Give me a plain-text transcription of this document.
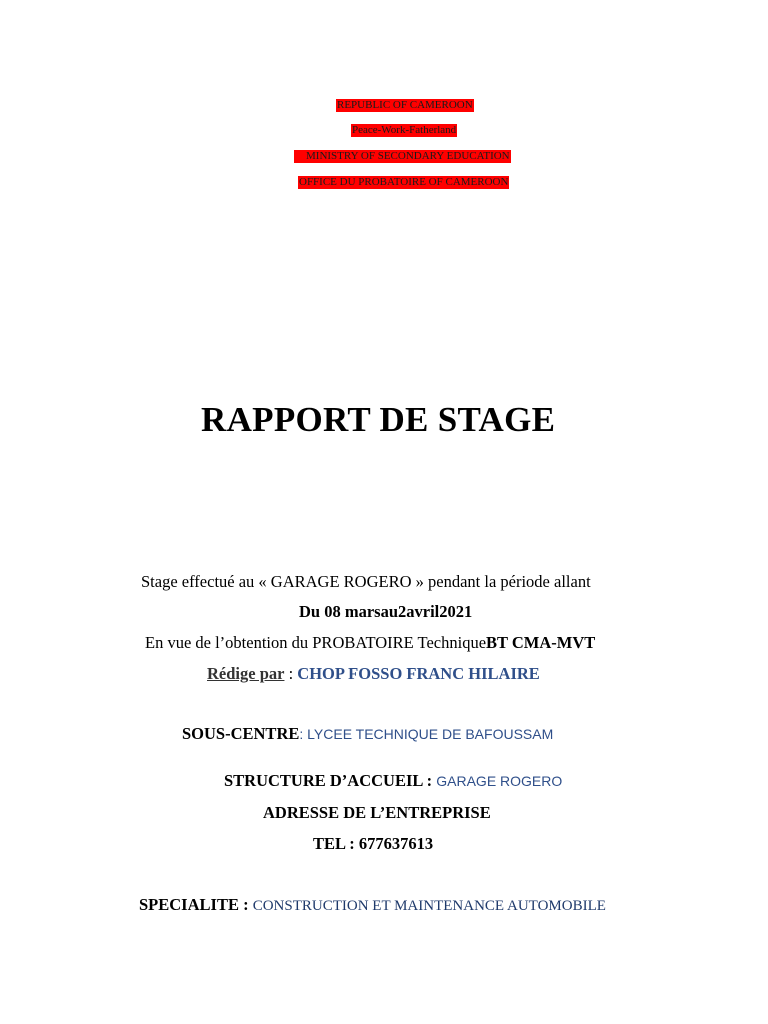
REPUBLIC OF CAMEROON
Peace-Work-Fatherland
MINISTRY OF SECONDARY EDUCATION
OFFICE DU PROBATOIRE OF CAMEROON
RAPPORT DE STAGE
Stage effectué au « GARAGE ROGERO » pendant la période allant
Du 08 marsau2avril2021
En vue de l’obtention du PROBATOIRE TechniqueBT CMA-MVT
Rédige par : CHOP FOSSO FRANC HILAIRE
SOUS-CENTRE: LYCEE TECHNIQUE DE BAFOUSSAM
STRUCTURE D’ACCUEIL : GARAGE ROGERO
ADRESSE DE L’ENTREPRISE
TEL : 677637613
SPECIALITE : CONSTRUCTION ET MAINTENANCE AUTOMOBILE
